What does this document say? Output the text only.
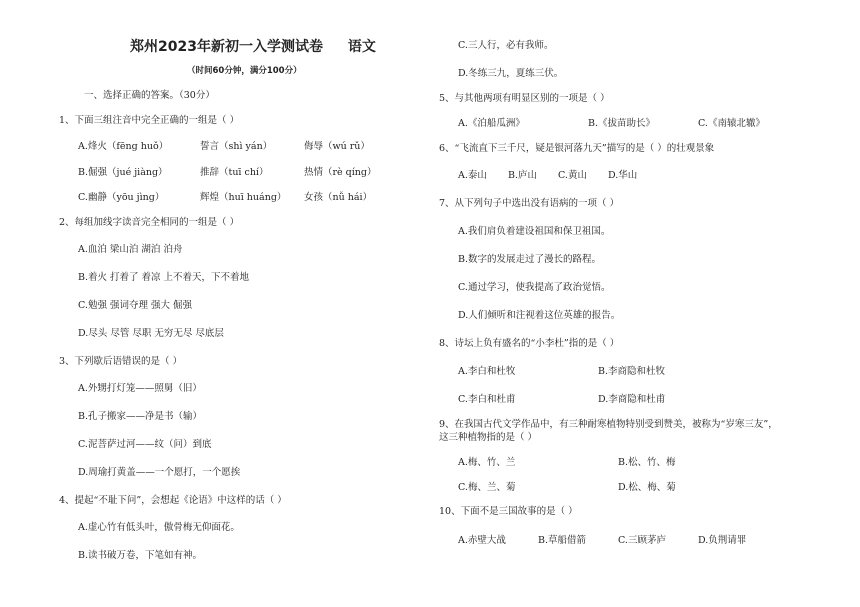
郑州2023年新初一入学测试卷 语文
（时间60分钟，满分100分）
一、选择正确的答案。（30分）
1、下面三组注音中完全正确的一组是（ ）
A.烽火（fēng huǒ）	誓言（shì yán）	侮辱（wú rǔ）
B.倔强（jué jiàng）	推辞（tuī chí）	热情（rè qíng）
C.幽静（yōu jìng）	辉煌（huī huáng） 女孩（nǚ hái）
2、每组加线字读音完全相同的一组是（ ）
A.血泊 梁山泊 湖泊 泊舟
B.着火 打着了 着凉 上不着天，下不着地
C.勉强 强词夺理 强大 倔强
D.尽头 尽管 尽职 无穷无尽 尽底层
3、下列歇后语错误的是（ ）
A.外甥打灯笼——照舅（旧）
B.孔子搬家——净是书（输）
C.泥菩萨过河——纹（问）到底
D.周瑜打黄盖——一个愿打，一个愿挨
4、提起“不耻下问”，会想起《论语》中这样的话（ ）
A.虚心竹有低头叶，傲骨梅无仰面花。
B.读书破万卷，下笔如有神。
C.三人行，必有我师。
D.冬练三九，夏练三伏。
5、与其他两项有明显区别的一项是（ ）
A.《泊船瓜洲》	B.《拔苗助长》	C.《南辕北辙》
6、“飞流直下三千尺，疑是银河落九天”描写的是（ ）的壮观景象
A.泰山 B.庐山 C.黄山 D.华山
7、从下列句子中选出没有语病的一项（ ）
A.我们肩负着建设祖国和保卫祖国。
B.数字的发展走过了漫长的路程。
C.通过学习，使我提高了政治觉悟。
D.人们倾听和注视着这位英雄的报告。
8、诗坛上负有盛名的“小李杜”指的是（ ）
A.李白和杜牧	B.李商隐和杜牧
C.李白和杜甫	D.李商隐和杜甫
9、在我国古代文学作品中，有三种耐寒植物特别受到赞美，被称为“岁寒三友”，
这三种植物指的是（ ）
A.梅、竹、兰	B.松、竹、梅
C.梅、兰、菊	D.松、梅、菊
10、下面不是三国故事的是（ ）
A.赤壁大战	B.草船借箭	C.三顾茅庐	D.负荆请罪
